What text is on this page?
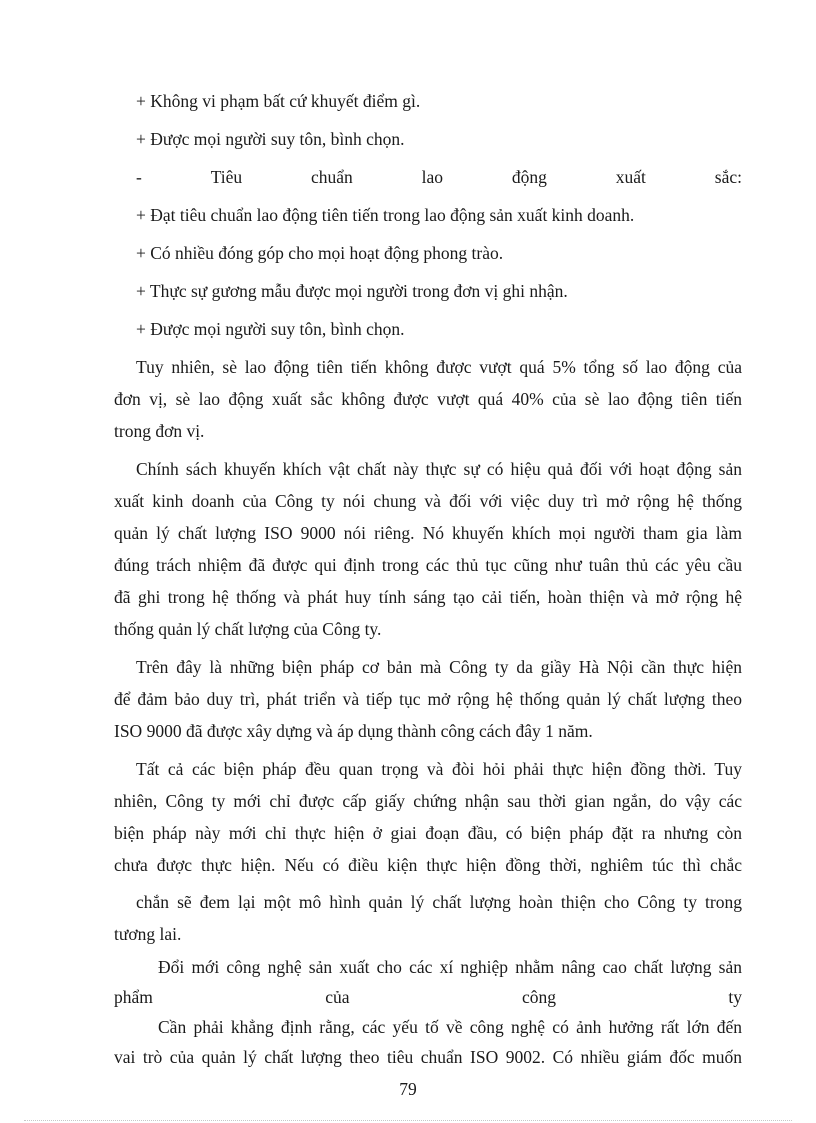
+ Không vi phạm bất cứ khuyết điểm gì.
+ Được mọi người suy tôn, bình chọn.
-	Tiêu	chuẩn	lao	động	xuất	sắc:
+ Đạt tiêu chuẩn lao động tiên tiến trong lao động sản xuất kinh doanh.
+ Có nhiều đóng góp cho mọi hoạt động phong trào.
+ Thực sự gương mẫu được mọi người trong đơn vị ghi nhận.
+ Được mọi người suy tôn, bình chọn.
Tuy nhiên, sè lao động tiên tiến không được vượt quá 5% tổng số lao động của
đơn vị, sè lao động xuất sắc không được vượt quá 40% của sè lao động tiên tiến
trong đơn vị.
Chính sách khuyến khích vật chất này thực sự có hiệu quả đối với hoạt động sản
xuất kinh doanh của Công ty nói chung và đối với việc duy trì mở rộng hệ thống
quản lý chất lượng ISO 9000 nói riêng. Nó khuyến khích mọi người tham gia làm
đúng trách nhiệm đã được qui định trong các thủ tục cũng như tuân thủ các yêu cầu
đã ghi trong hệ thống và phát huy tính sáng tạo cải tiến, hoàn thiện và mở rộng hệ
thống quản lý chất lượng của Công ty.
Trên đây là những biện pháp cơ bản mà Công ty da giầy Hà Nội cần thực hiện
để đảm bảo duy trì, phát triển và tiếp tục mở rộng hệ thống quản lý chất lượng theo
ISO 9000 đã được xây dựng và áp dụng thành công cách đây 1 năm.
Tất cả các biện pháp đều quan trọng và đòi hỏi phải thực hiện đồng thời. Tuy
nhiên, Công ty mới chỉ được cấp giấy chứng nhận sau thời gian ngắn, do vậy các
biện pháp này mới chỉ thực hiện ở giai đoạn đầu, có biện pháp đặt ra nhưng còn
chưa được thực hiện. Nếu có điều kiện thực hiện đồng thời, nghiêm túc thì chắc
chắn sẽ đem lại một mô hình quản lý chất lượng hoàn thiện cho Công ty trong
tương lai.
Đổi mới công nghệ sản xuất cho các xí nghiệp nhằm nâng cao chất lượng sản
phẩm	của	công	ty
Cần phải khẳng định rằng, các yếu tố về công nghệ có ảnh hưởng rất lớn đến
vai trò của quản lý chất lượng theo tiêu chuẩn ISO 9002. Có nhiều giám đốc muốn
79
